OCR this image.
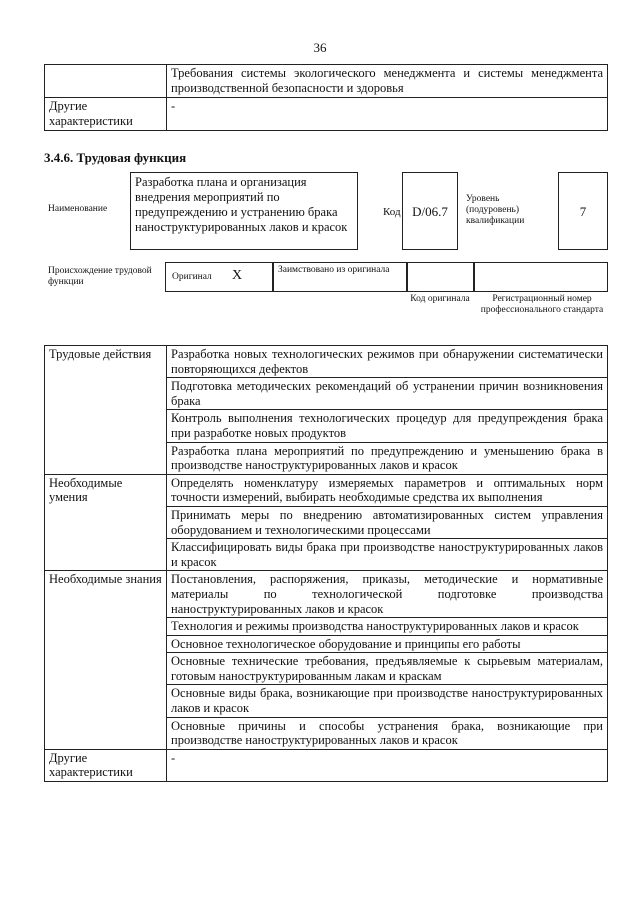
36
	Требования системы экологического менеджмента и системы менеджмента производственной безопасности и здоровья
Другие характеристики	-
3.4.6. Трудовая функция
Наименование
Разработка плана и организация внедрения мероприятий по предупреждению и устранению брака наноструктурированных лаков и красок
Код D/06.7
Уровень (подуровень) квалификации
7
Происхождение трудовой функции	Оригинал X	Заимствовано из оригинала
Код оригинала	Регистрационный номер профессионального стандарта
Трудовые действия	Разработка новых технологических режимов при обнаружении систематически повторяющихся дефектов
	Подготовка методических рекомендаций об устранении причин возникновения брака
	Контроль выполнения технологических процедур для предупреждения брака при разработке новых продуктов
	Разработка плана мероприятий по предупреждению и уменьшению брака в производстве наноструктурированных лаков и красок
Необходимые умения	Определять номенклатуру измеряемых параметров и оптимальных норм точности измерений, выбирать необходимые средства их выполнения
	Принимать меры по внедрению автоматизированных систем управления оборудованием и технологическими процессами
	Классифицировать виды брака при производстве наноструктурированных лаков и красок
Необходимые знания	Постановления, распоряжения, приказы, методические и нормативные материалы по технологической подготовке производства наноструктурированных лаков и красок
	Технология и режимы производства наноструктурированных лаков и красок
	Основное технологическое оборудование и принципы его работы
	Основные технические требования, предъявляемые к сырьевым материалам, готовым наноструктурированным лакам и краскам
	Основные виды брака, возникающие при производстве наноструктурированных лаков и красок
	Основные причины и способы устранения брака, возникающие при производстве наноструктурированных лаков и красок
Другие характеристики	-
